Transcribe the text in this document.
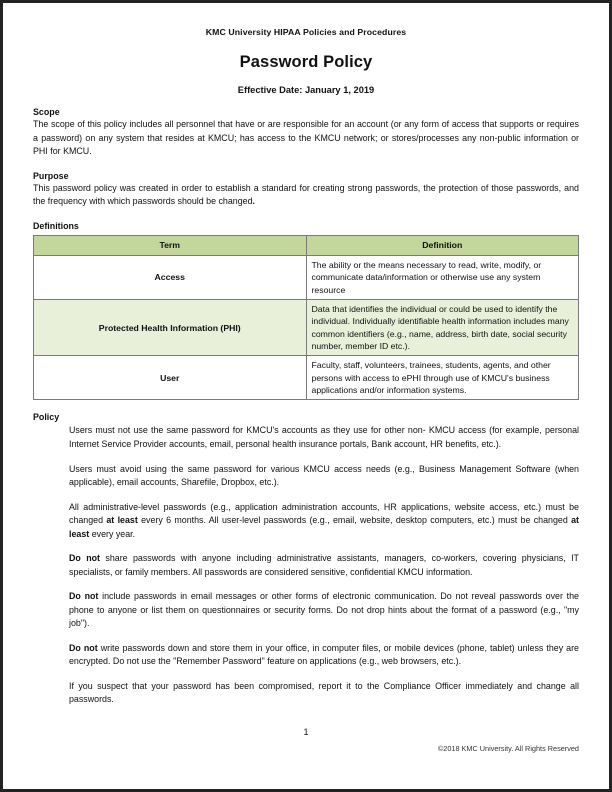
KMC University HIPAA Policies and Procedures
Password Policy
Effective Date: January 1, 2019
Scope

The scope of this policy includes all personnel that have or are responsible for an account (or any form of access that supports or requires a password) on any system that resides at KMCU; has access to the KMCU network; or stores/processes any non-public information or PHI for KMCU.

Purpose

This password policy was created in order to establish a standard for creating strong passwords, the protection of those passwords, and the frequency with which passwords should be changed.

Definitions
Term	Definition
Access	The ability or the means necessary to read, write, modify, or communicate data/information or otherwise use any system resource
Protected Health Information (PHI)	Data that identifies the individual or could be used to identify the individual. Individually identifiable health information includes many common identifiers (e.g., name, address, birth date, social security number, member ID etc.).
User	Faculty, staff, volunteers, trainees, students, agents, and other persons with access to ePHI through use of KMCU's business applications and/or information systems.
Policy

Users must not use the same password for KMCU's accounts as they use for other non- KMCU access (for example, personal Internet Service Provider accounts, email, personal health insurance portals, Bank account, HR benefits, etc.).

Users must avoid using the same password for various KMCU access needs (e.g., Business Management Software (when applicable), email accounts, Sharefile, Dropbox, etc.).

All administrative-level passwords (e.g., application administration accounts, HR applications, website access, etc.) must be changed at least every 6 months. All user-level passwords (e.g., email, website, desktop computers, etc.) must be changed at least every year.

Do not share passwords with anyone including administrative assistants, managers, co-workers, covering physicians, IT specialists, or family members. All passwords are considered sensitive, confidential KMCU information.

Do not include passwords in email messages or other forms of electronic communication. Do not reveal passwords over the phone to anyone or list them on questionnaires or security forms. Do not drop hints about the format of a password (e.g., "my job").

Do not write passwords down and store them in your office, in computer files, or mobile devices (phone, tablet) unless they are encrypted. Do not use the "Remember Password" feature on applications (e.g., web browsers, etc.).

If you suspect that your password has been compromised, report it to the Compliance Officer immediately and change all passwords.

1
©2018 KMC University. All Rights Reserved
